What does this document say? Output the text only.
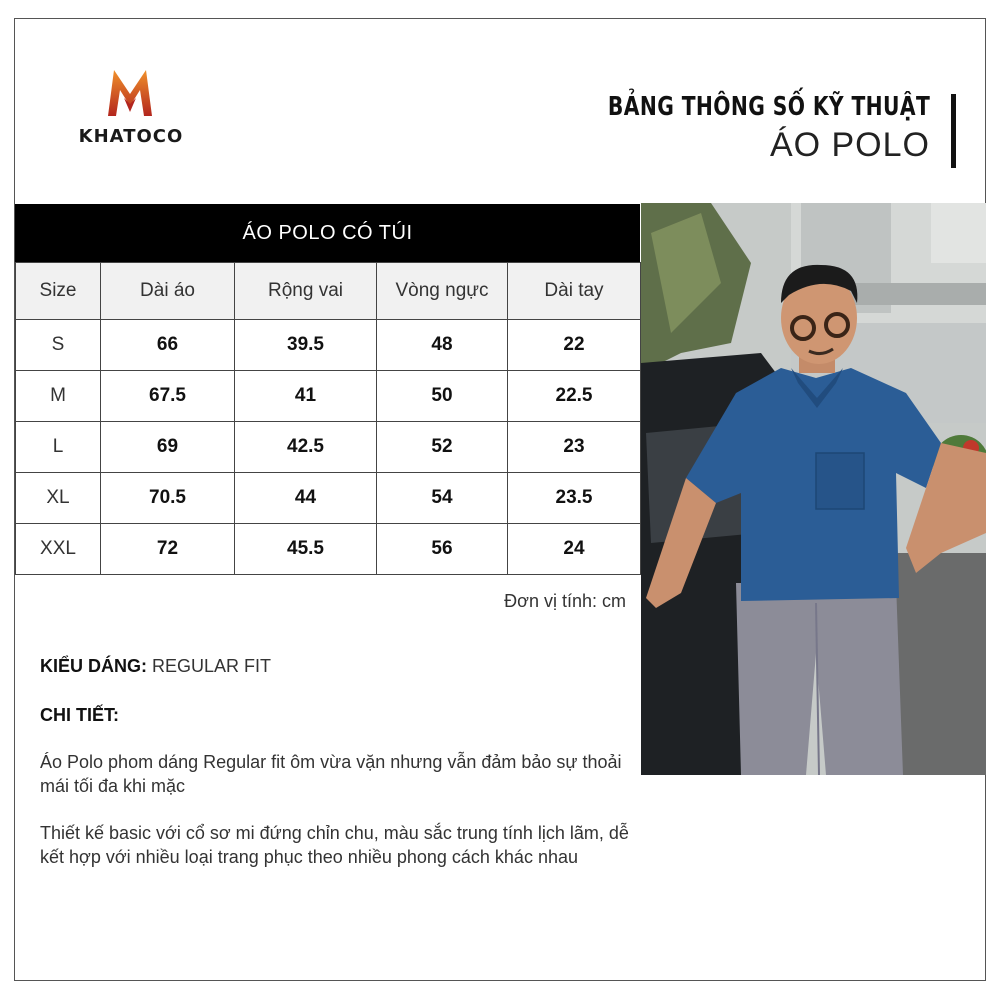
KHATOCO
BẢNG THÔNG SỐ KỸ THUẬT
ÁO POLO
ÁO POLO CÓ TÚI
Size	Dài áo	Rộng vai	Vòng ngực	Dài tay
S	66	39.5	48	22
M	67.5	41	50	22.5
L	69	42.5	52	23
XL	70.5	44	54	23.5
XXL	72	45.5	56	24
Đơn vị tính: cm
KIỂU DÁNG: REGULAR FIT
CHI TIẾT:
Áo Polo phom dáng Regular fit ôm vừa vặn nhưng vẫn đảm bảo sự thoải mái tối đa khi mặc
Thiết kế basic với cổ sơ mi đứng chỉn chu, màu sắc trung tính lịch lãm, dễ kết hợp với nhiều loại trang phục theo nhiều phong cách khác nhau
